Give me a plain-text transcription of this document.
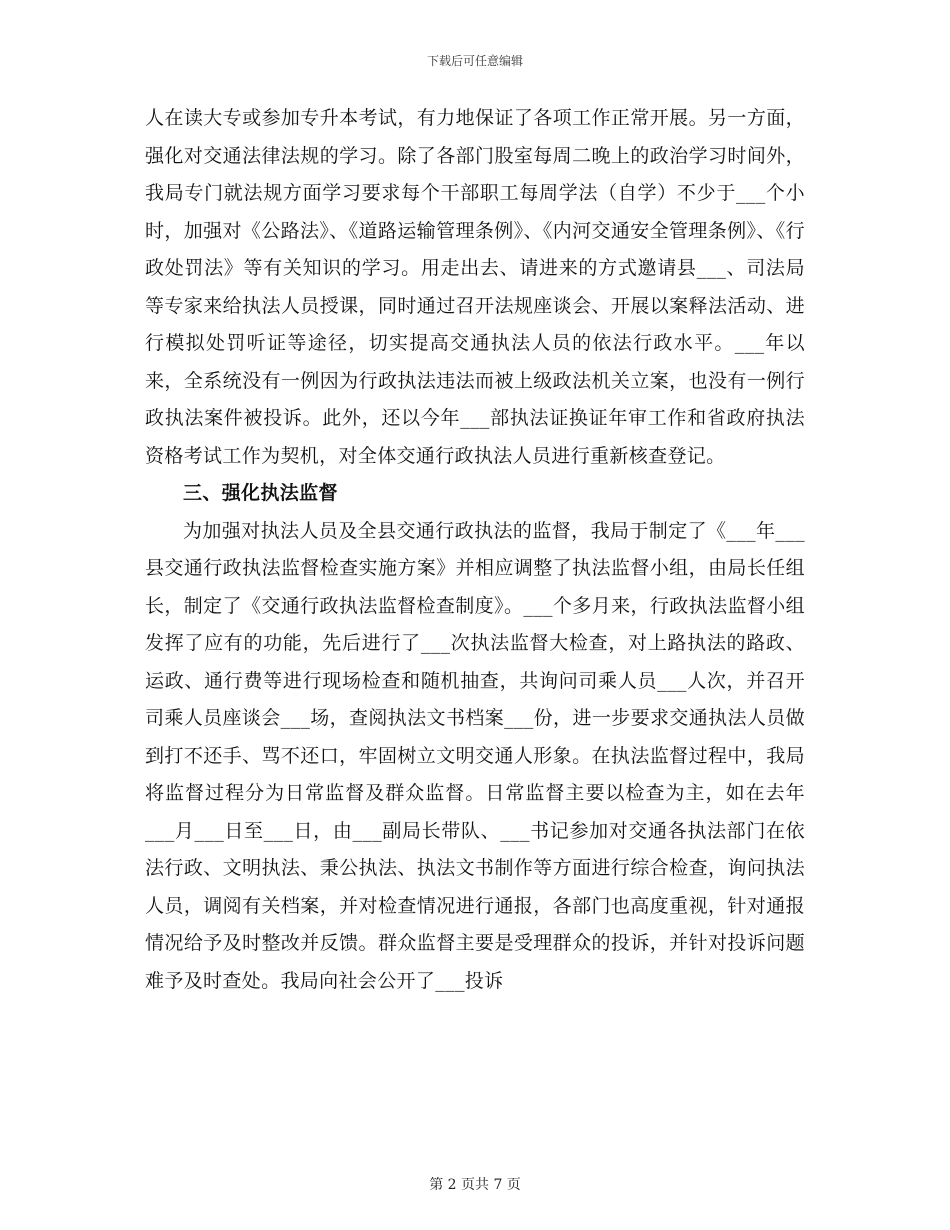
下载后可任意编辑

人在读大专或参加专升本考试，有力地保证了各项工作正常开展。另一方面，强化对交通法律法规的学习。除了各部门股室每周二晚上的政治学习时间外，我局专门就法规方面学习要求每个干部职工每周学法（自学）不少于___个小时，加强对《公路法》、《道路运输管理条例》、《内河交通安全管理条例》、《行政处罚法》等有关知识的学习。用走出去、请进来的方式邀请县___、司法局等专家来给执法人员授课，同时通过召开法规座谈会、开展以案释法活动、进行模拟处罚听证等途径，切实提高交通执法人员的依法行政水平。___年以来，全系统没有一例因为行政执法违法而被上级政法机关立案，也没有一例行政执法案件被投诉。此外，还以今年___部执法证换证年审工作和省政府执法资格考试工作为契机，对全体交通行政执法人员进行重新核查登记。

三、强化执法监督

为加强对执法人员及全县交通行政执法的监督，我局于制定了《___年___县交通行政执法监督检查实施方案》并相应调整了执法监督小组，由局长任组长，制定了《交通行政执法监督检查制度》。___个多月来，行政执法监督小组发挥了应有的功能，先后进行了___次执法监督大检查，对上路执法的路政、运政、通行费等进行现场检查和随机抽查，共询问司乘人员___人次，并召开司乘人员座谈会___场，查阅执法文书档案___份，进一步要求交通执法人员做到打不还手、骂不还口，牢固树立文明交通人形象。在执法监督过程中，我局将监督过程分为日常监督及群众监督。日常监督主要以检查为主，如在去年___月___日至___日，由___副局长带队、___书记参加对交通各执法部门在依法行政、文明执法、秉公执法、执法文书制作等方面进行综合检查，询问执法人员，调阅有关档案，并对检查情况进行通报，各部门也高度重视，针对通报情况给予及时整改并反馈。群众监督主要是受理群众的投诉，并针对投诉问题难予及时查处。我局向社会公开了___投诉

第 2 页共 7 页
